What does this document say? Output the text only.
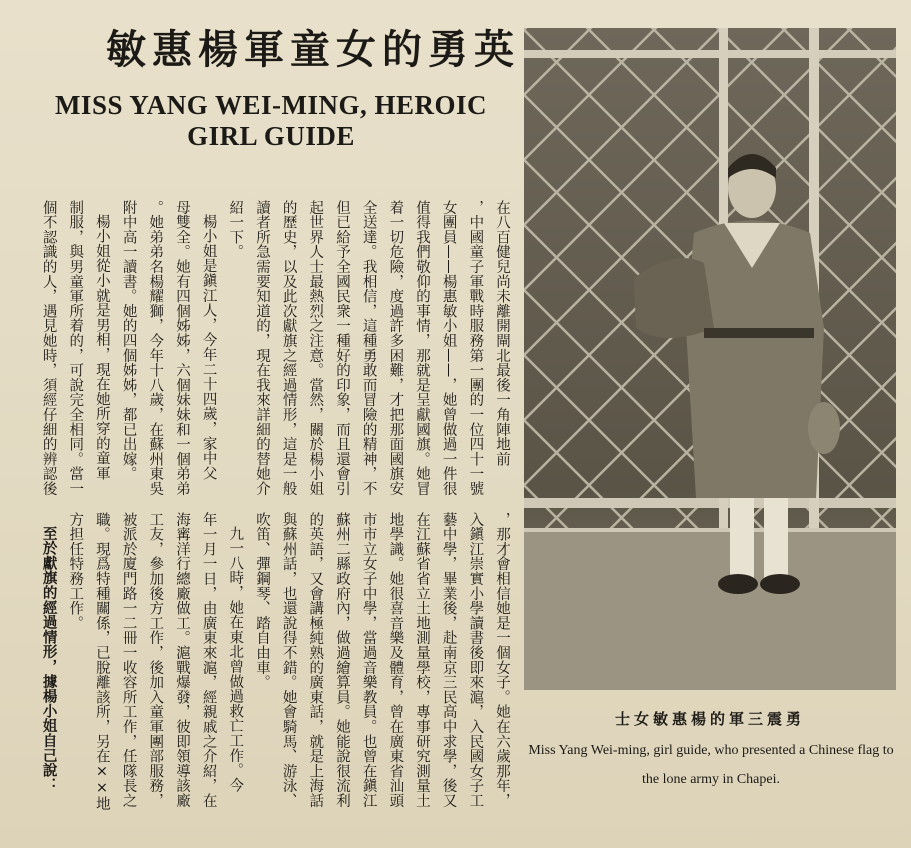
英勇的女童軍楊惠敏
MISS YANG WEI-MING, HEROIC GIRL GUIDE
在八百健兒尚未離開閘北最後一角陣地前
，中國童子軍戰時服務第一團的一位四十一號
女團員——楊惠敏小姐——，她曾做過一件很
值得我們敬仰的事情，那就是呈獻國旗。她冒
着一切危險，度過許多困難，才把那面國旗安
全送達。我相信，這種勇敢而冒險的精神，不
但已給予全國民衆一種好的印象，而且還會引
起世界人士最熱烈之注意。當然，關於楊小姐
的歷史，以及此次獻旗之經過情形，這是一般
讀者所急需要知道的，現在我來詳細的替她介
紹一下。
楊小姐是鎭江人，今年二十四歲，家中父
母雙全。她有四個姊姊，六個妹妹和一個弟弟
。她弟弟名楊耀獅，今年十八歲，在蘇州東吳
附中高一讀書。她的四個姊姊，都已出嫁。
楊小姐從小就是男相，現在她所穿的童軍
制服，與男童軍所着的，可說完全相同。當一
個不認識的人，遇見她時，須經仔細的辨認後
，那才會相信她是一個女子。她在六歲那年，
入鎭江崇實小學讀書後即來滬，入民國女子工
藝中學，畢業後，赴南京三民高中求學，後又
在江蘇省省立土地測量學校，專事研究測量土
地學識。她很喜音樂及體育，曾在廣東省汕頭
市市立女子中學，當過音樂教員。也曾在鎭江
蘇州二縣政府內，做過繪算員。她能說很流利
的英語，又會講極純熟的廣東話，就是上海話
與蘇州話，也還說得不錯。她會騎馬、游泳、
吹笛、彈鋼琴、踏自由車。
九一八時，她在東北曾做過救亡工作。今
年一月一日，由廣東來滬，經親戚之介紹，在
海寗洋行總廠做工。滬戰爆發，彼即領導該廠
工友，參加後方工作，後加入童軍團部服務，
被派於廈門路一二冊一收容所工作，任隊長之
職。現爲特種關係，已脫離該所，另在××地
方担任特務工作。
至於獻旗的經過情形，據楊小姐自己說：	勇震三軍的楊惠敏女士
Miss Yang Wei-ming, girl guide, who presented a Chinese flag to the lone army in Chapei.
